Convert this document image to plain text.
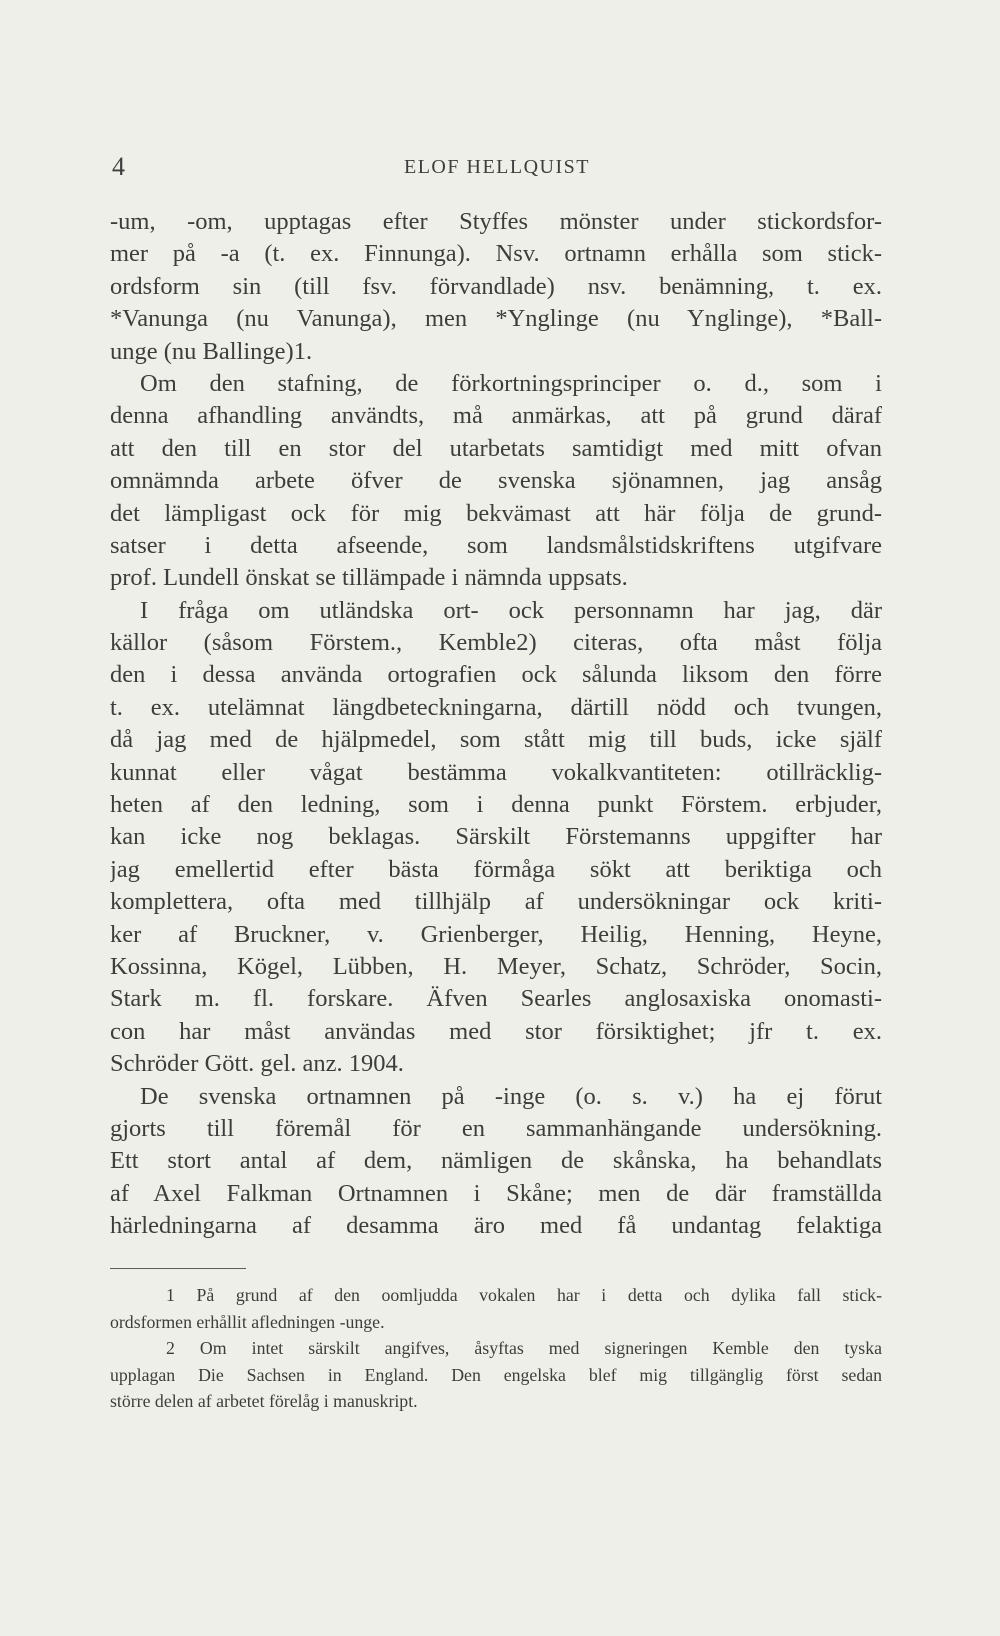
4	ELOF HELLQUIST
-um, -om, upptagas efter Styffes mönster under stickordsfor-
mer på -a (t. ex. Finnunga). Nsv. ortnamn erhålla som stick-
ordsform sin (till fsv. förvandlade) nsv. benämning, t. ex.
*Vanunga (nu Vanunga), men *Ynglinge (nu Ynglinge), *Ball-
unge (nu Ballinge)1.
Om den stafning, de förkortningsprinciper o. d., som i
denna afhandling användts, må anmärkas, att på grund däraf
att den till en stor del utarbetats samtidigt med mitt ofvan
omnämnda arbete öfver de svenska sjönamnen, jag ansåg
det lämpligast ock för mig bekvämast att här följa de grund-
satser i detta afseende, som landsmålstidskriftens utgifvare
prof. Lundell önskat se tillämpade i nämnda uppsats.
I fråga om utländska ort- ock personnamn har jag, där
källor (såsom Förstem., Kemble2) citeras, ofta måst följa
den i dessa använda ortografien ock sålunda liksom den förre
t. ex. utelämnat längdbeteckningarna, därtill nödd och tvungen,
då jag med de hjälpmedel, som stått mig till buds, icke själf
kunnat eller vågat bestämma vokalkvantiteten: otillräcklig-
heten af den ledning, som i denna punkt Förstem. erbjuder,
kan icke nog beklagas. Särskilt Förstemanns uppgifter har
jag emellertid efter bästa förmåga sökt att beriktiga och
komplettera, ofta med tillhjälp af undersökningar ock kriti-
ker af Bruckner, v. Grienberger, Heilig, Henning, Heyne,
Kossinna, Kögel, Lübben, H. Meyer, Schatz, Schröder, Socin,
Stark m. fl. forskare. Äfven Searles anglosaxiska onomasti-
con har måst användas med stor försiktighet; jfr t. ex.
Schröder Gött. gel. anz. 1904.
De svenska ortnamnen på -inge (o. s. v.) ha ej förut
gjorts till föremål för en sammanhängande undersökning.
Ett stort antal af dem, nämligen de skånska, ha behandlats
af Axel Falkman Ortnamnen i Skåne; men de där framställda
härledningarna af desamma äro med få undantag felaktiga
1 På grund af den oomljudda vokalen har i detta och dylika fall stick-
ordsformen erhållit afledningen -unge.
2 Om intet särskilt angifves, åsyftas med signeringen Kemble den tyska
upplagan Die Sachsen in England. Den engelska blef mig tillgänglig först sedan
större delen af arbetet förelåg i manuskript.
